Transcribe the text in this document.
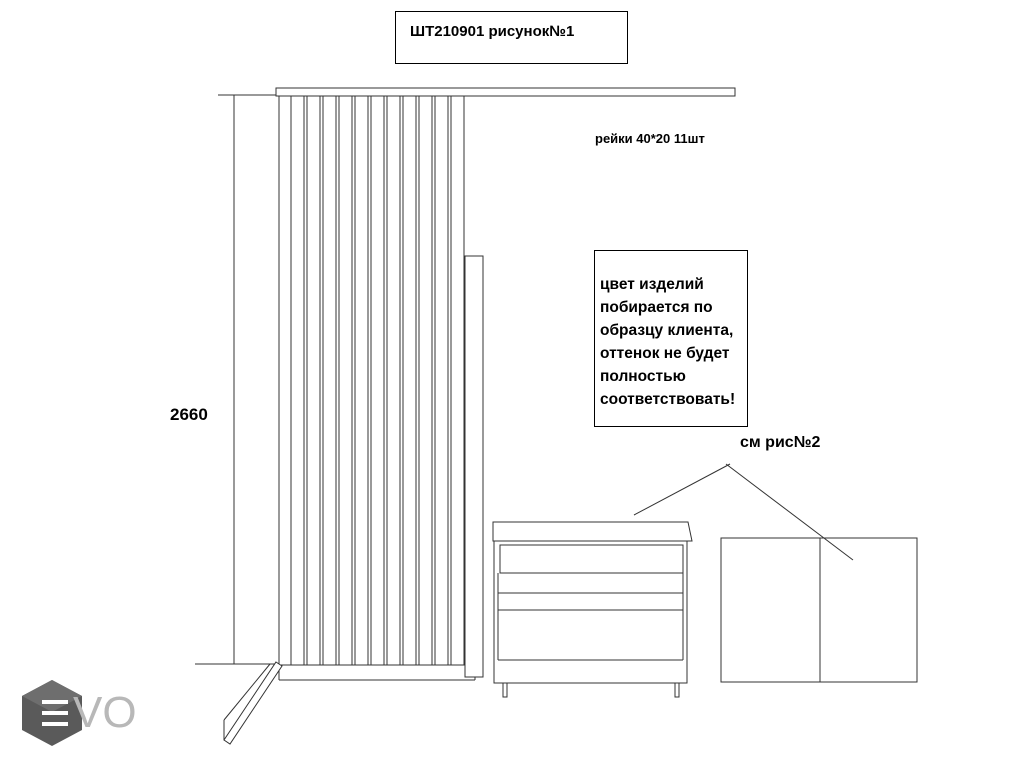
ШТ210901 рисунок№1
рейки 40*20 11шт
2660
цвет изделий
побирается по
образцу клиента,
оттенок не будет
полностью
соответствовать!
см рис№2
VO
